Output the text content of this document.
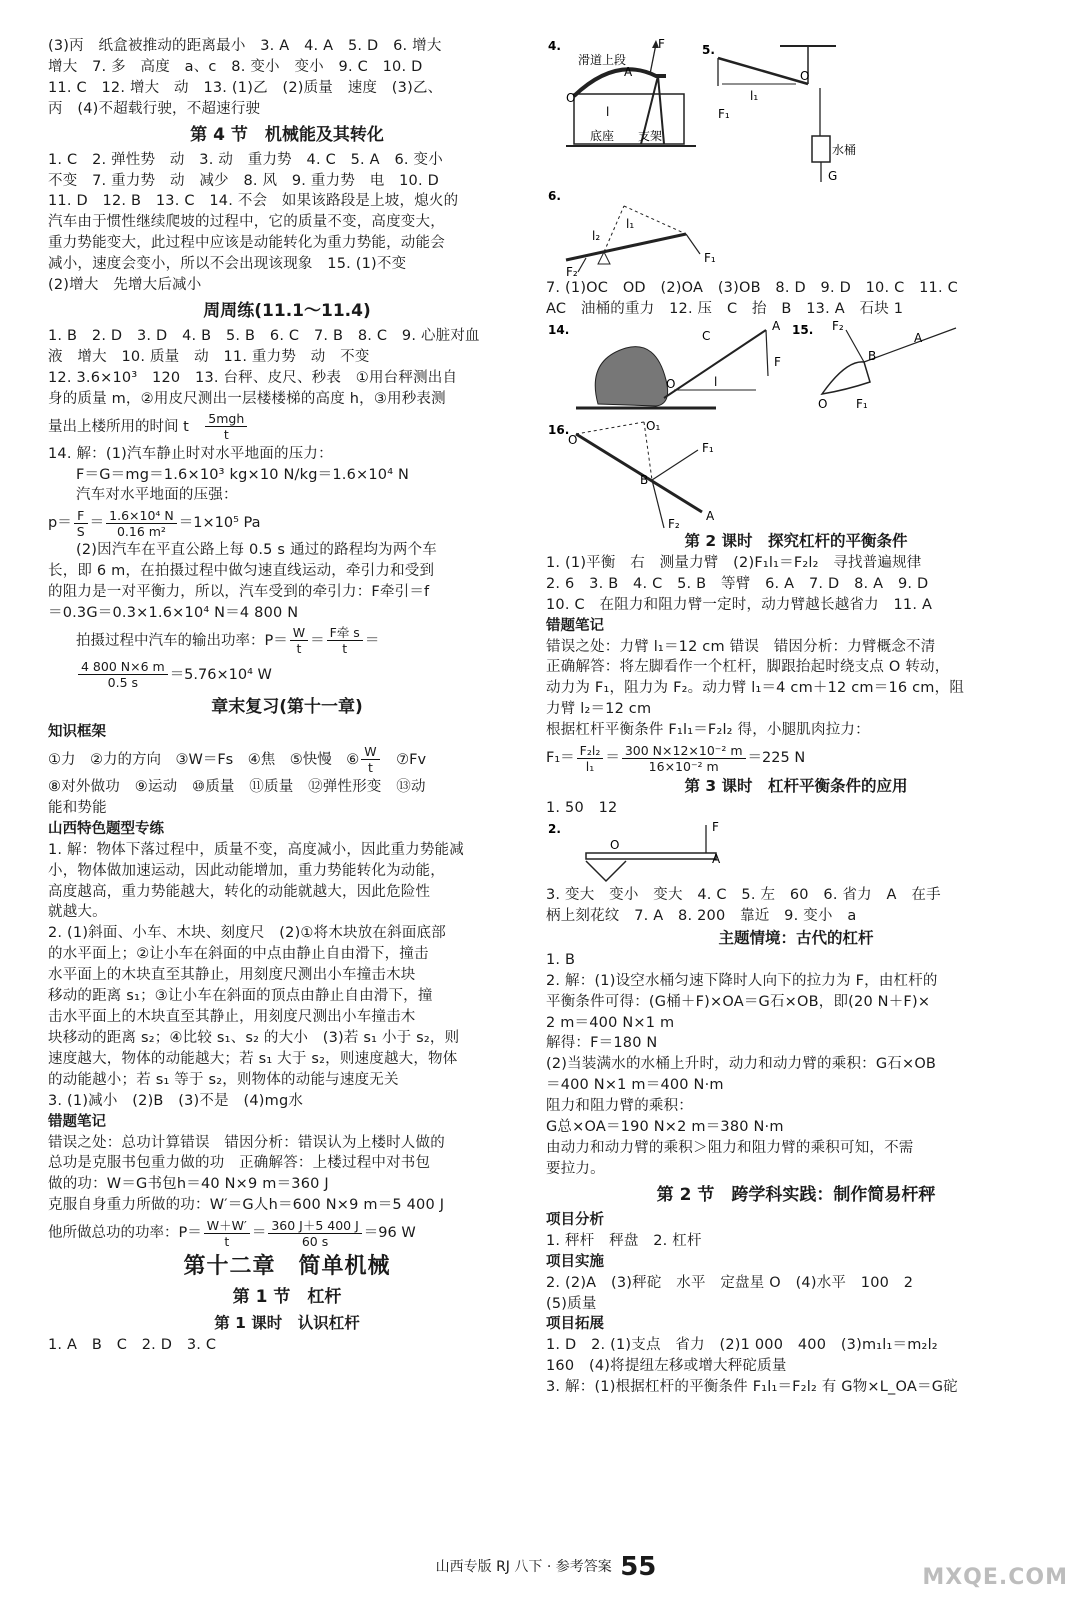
(3)丙　纸盒被推动的距离最小　3. A　4. A　5. D　6. 增大
增大　7. 多　高度　a、c　8. 变小　变小　9. C　10. D
11. C　12. 增大　动　13. (1)乙　(2)质量　速度　(3)乙、
丙　(4)不超载行驶，不超速行驶
第 4 节　机械能及其转化
1. C　2. 弹性势　动　3. 动　重力势　4. C　5. A　6. 变小
不变　7. 重力势　动　减少　8. 风　9. 重力势　电　10. D
11. D　12. B　13. C　14. 不会　如果该路段是上坡，熄火的
汽车由于惯性继续爬坡的过程中，它的质量不变，高度变大，
重力势能变大，此过程中应该是动能转化为重力势能，动能会
减小，速度会变小，所以不会出现该现象　15. (1)不变
(2)增大　先增大后减小
周周练(11.1～11.4)
1. B　2. D　3. D　4. B　5. B　6. C　7. B　8. C　9. 心脏对血
液　增大　10. 质量　动　11. 重力势　动　不变
12. 3.6×10³　120　13. 台秤、皮尺、秒表　①用台秤测出自
身的质量 m，②用皮尺测出一层楼楼梯的高度 h，③用秒表测
量出上楼所用的时间 t　 $\frac{\text{5mgh}}{t}$
14. 解：(1)汽车静止时对水平地面的压力：
F＝G＝mg＝1.6×10³ kg×10 N/kg＝1.6×10⁴ N
汽车对水平地面的压强：
$p= \frac{F}{S} = \frac{\text{1.6×10⁴ N}}{\text{0.16 m²}} =1\times 10^5$ Pa
(2)因汽车在平直公路上每 0.5 s 通过的路程均为两个车
长，即 6 m，在拍摄过程中做匀速直线运动，牵引力和受到
的阻力是一对平衡力，所以，汽车受到的牵引力：F牵引＝f
＝0.3G＝0.3×1.6×10⁴ N＝4 800 N
拍摄过程中汽车的输出功率：$P= \frac{W}{t} = \frac{\text{F牵 s}}{t}$ ＝
$\frac{4 800 N\times 6 m}{0.5 s} =5.76\times 10^4$ W
章末复习(第十一章)
知识框架
①力　②力的方向　③W＝Fs　④焦　⑤快慢　⑥ $\frac{W}{t}$ 　⑦Fv
⑧对外做功　⑨运动　⑩质量　⑪质量　⑫弹性形变　⑬动
能和势能
山西特色题型专练
1. 解：物体下落过程中，质量不变，高度减小，因此重力势能减
小，物体做加速运动，因此动能增加，重力势能转化为动能，
高度越高，重力势能越大，转化的动能就越大，因此危险性
就越大。
2. (1)斜面、小车、木块、刻度尺　(2)①将木块放在斜面底部
的水平面上；②让小车在斜面的中点由静止自由滑下，撞击
水平面上的木块直至其静止，用刻度尺测出小车撞击木块
移动的距离 s₁；③让小车在斜面的顶点由静止自由滑下，撞
击水平面上的木块直至其静止，用刻度尺测出小车撞击木
块移动的距离 s₂；④比较 s₁、s₂ 的大小　(3)若 s₁ 小于 s₂，则
速度越大，物体的动能越大；若 s₁ 大于 s₂，则速度越大，物体
的动能越小；若 s₁ 等于 s₂，则物体的动能与速度无关
3. (1)减小　(2)B　(3)不是　(4)mg水
错题笔记
错误之处：总功计算错误　错因分析：错误认为上楼时人做的
总功是克服书包重力做的功　正确解答：上楼过程中对书包
做的功：W＝G书包h＝40 N×9 m＝360 J
克服自身重力所做的功：W′＝G人h＝600 N×9 m＝5 400 J
他所做总功的功率：$P= \frac{W+W'}{t} = \frac{360 J+5 400 J}{60 s} =96$ W
第十二章　简单机械
第 1 节　杠杆
第 1 课时　认识杠杆
1. A　B　C　2. D　3. C
4.
滑道上段
F
O
A
l
底座 支架
5.
O
l₁
F₁
水桶
G
6.
F₁
F₂
l₂
l₁
7. (1)OC　OD　(2)OA　(3)OB　8. D　9. D　10. C　11. C
AC　油桶的重力　12. 压　C　抬　B　13. A　石块 1
14.
F
A
l
O
C	15. F₂
B
A
O F₁
16.
O
O₁
B
A
F₁
F₂
第 2 课时　探究杠杆的平衡条件
1. (1)平衡　右　测量力臂　(2)F₁l₁＝F₂l₂　寻找普遍规律
2. 6　3. B　4. C　5. B　等臂　6. A　7. D　8. A　9. D
10. C　在阻力和阻力臂一定时，动力臂越长越省力　11. A
错题笔记
错误之处：力臂 l₁＝12 cm 错误　错因分析：力臂概念不清
正确解答：将左脚看作一个杠杆，脚跟抬起时绕支点 O 转动，
动力为 F₁，阻力为 F₂。动力臂 l₁＝4 cm＋12 cm＝16 cm，阻
力臂 l₂＝12 cm
根据杠杆平衡条件 F₁l₁＝F₂l₂ 得，小腿肌肉拉力：
$F_1= \frac{\text{F₂l₂}}{\text{l₁}} = \frac{\text{300 N×12×10⁻² m}}{\text{16×10⁻² m}} =225$ N
第 3 课时　杠杆平衡条件的应用
1. 50　12
2.	F
A
O
3. 变大　变小　变大　4. C　5. 左　60　6. 省力　A　在手
柄上刻花纹　7. A　8. 200　靠近　9. 变小　a
主题情境：古代的杠杆
1. B
2. 解：(1)设空水桶匀速下降时人向下的拉力为 F，由杠杆的
平衡条件可得：(G桶＋F)×OA＝G石×OB，即(20 N＋F)×
2 m＝400 N×1 m
解得：F＝180 N
(2)当装满水的水桶上升时，动力和动力臂的乘积：G石×OB
＝400 N×1 m＝400 N·m
阻力和阻力臂的乘积：
G总×OA＝190 N×2 m＝380 N·m
由动力和动力臂的乘积＞阻力和阻力臂的乘积可知，不需
要拉力。
第 2 节　跨学科实践：制作简易杆秤
项目分析
1. 秤杆　秤盘　2. 杠杆
项目实施
2. (2)A　(3)秤砣　水平　定盘星 O　(4)水平　100　2
(5)质量
项目拓展
1. D　2. (1)支点　省力　(2)1 000　400　(3)m₁l₁＝m₂l₂
160　(4)将提纽左移或增大秤砣质量
3. 解：(1)根据杠杆的平衡条件 F₁l₁＝F₂l₂ 有 G物×L_OA＝G砣
山西专版 RJ 八下 · 参考答案 55	MXQE.COM
